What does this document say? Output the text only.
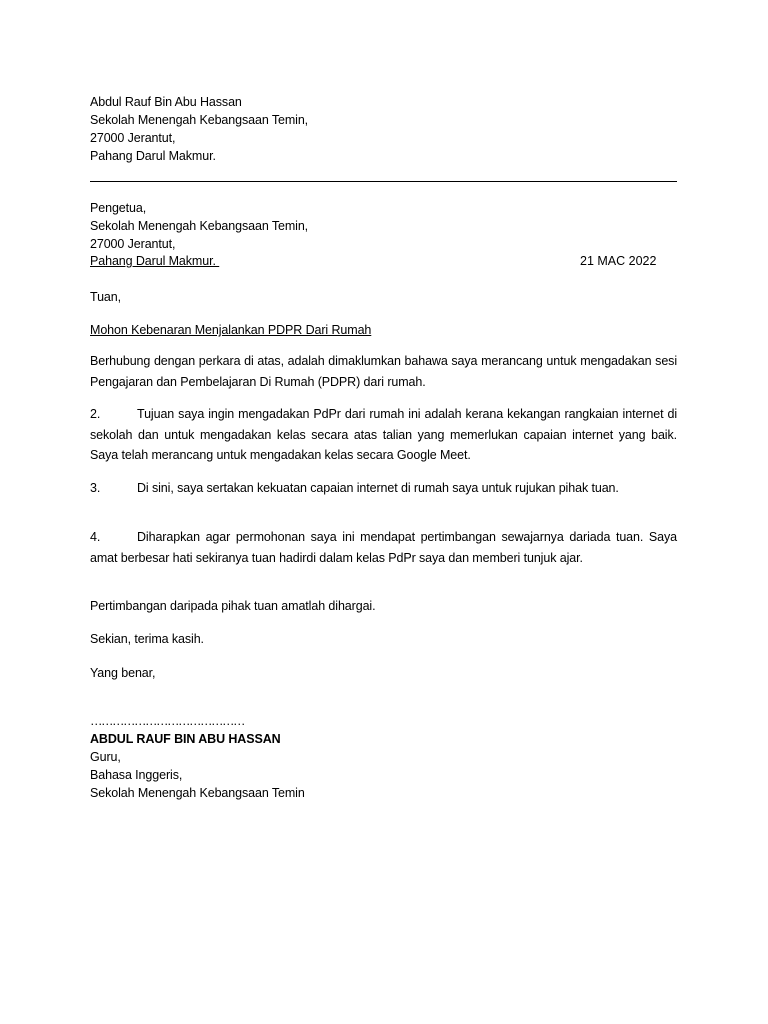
Abdul Rauf Bin Abu Hassan
Sekolah Menengah Kebangsaan Temin,
27000 Jerantut,
Pahang Darul Makmur.
Pengetua,
Sekolah Menengah Kebangsaan Temin,
27000 Jerantut,
Pahang Darul Makmur.	21 MAC 2022
Tuan,
Mohon Kebenaran Menjalankan PDPR Dari Rumah
Berhubung dengan perkara di atas, adalah dimaklumkan bahawa saya merancang untuk mengadakan sesi Pengajaran dan Pembelajaran Di Rumah (PDPR) dari rumah.
2.	Tujuan saya ingin mengadakan PdPr dari rumah ini adalah kerana kekangan rangkaian internet di sekolah dan untuk mengadakan kelas secara atas talian yang memerlukan capaian internet yang baik. Saya telah merancang untuk mengadakan kelas secara Google Meet.
3.	Di sini, saya sertakan kekuatan capaian internet di rumah saya untuk rujukan pihak tuan.
4.	Diharapkan agar permohonan saya ini mendapat pertimbangan sewajarnya dariada tuan. Saya amat berbesar hati sekiranya tuan hadirdi dalam kelas PdPr saya dan memberi tunjuk ajar.
Pertimbangan daripada pihak tuan amatlah dihargai.
Sekian, terima kasih.
Yang benar,
……………………………………
ABDUL RAUF BIN ABU HASSAN
Guru,
Bahasa Inggeris,
Sekolah Menengah Kebangsaan Temin
